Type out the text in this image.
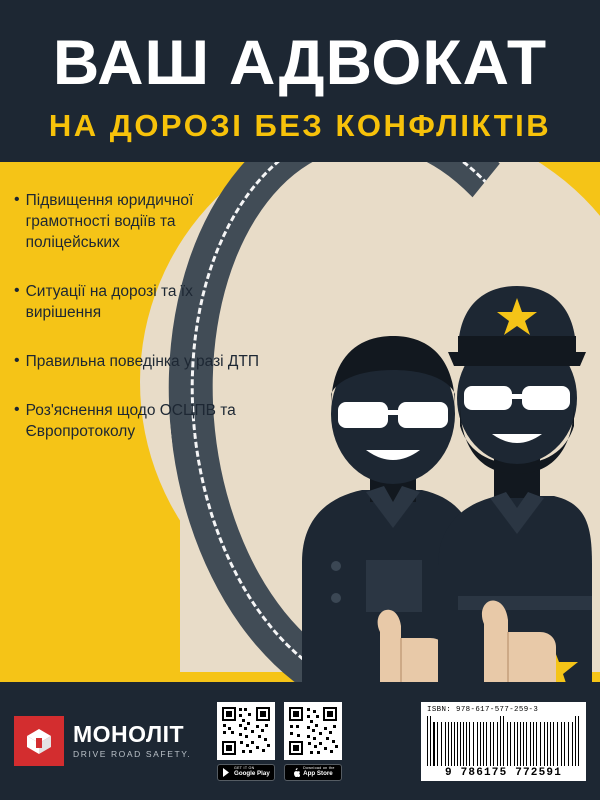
ВАШ АДВОКАТ
НА ДОРОЗІ БЕЗ КОНФЛІКТІВ
• Підвищення юридичної грамотності водіїв та поліцейських
• Ситуації на дорозі та їх вирішення
• Правильна поведінка у разі ДТП
• Роз'яснення щодо ОСЦПВ та Європротоколу
МОНОЛІТ
DRIVE ROAD SAFETY.
GET IT ON
Google Play
Download on the
App Store
ISBN: 978-617-577-259-3
9 786175 772591
